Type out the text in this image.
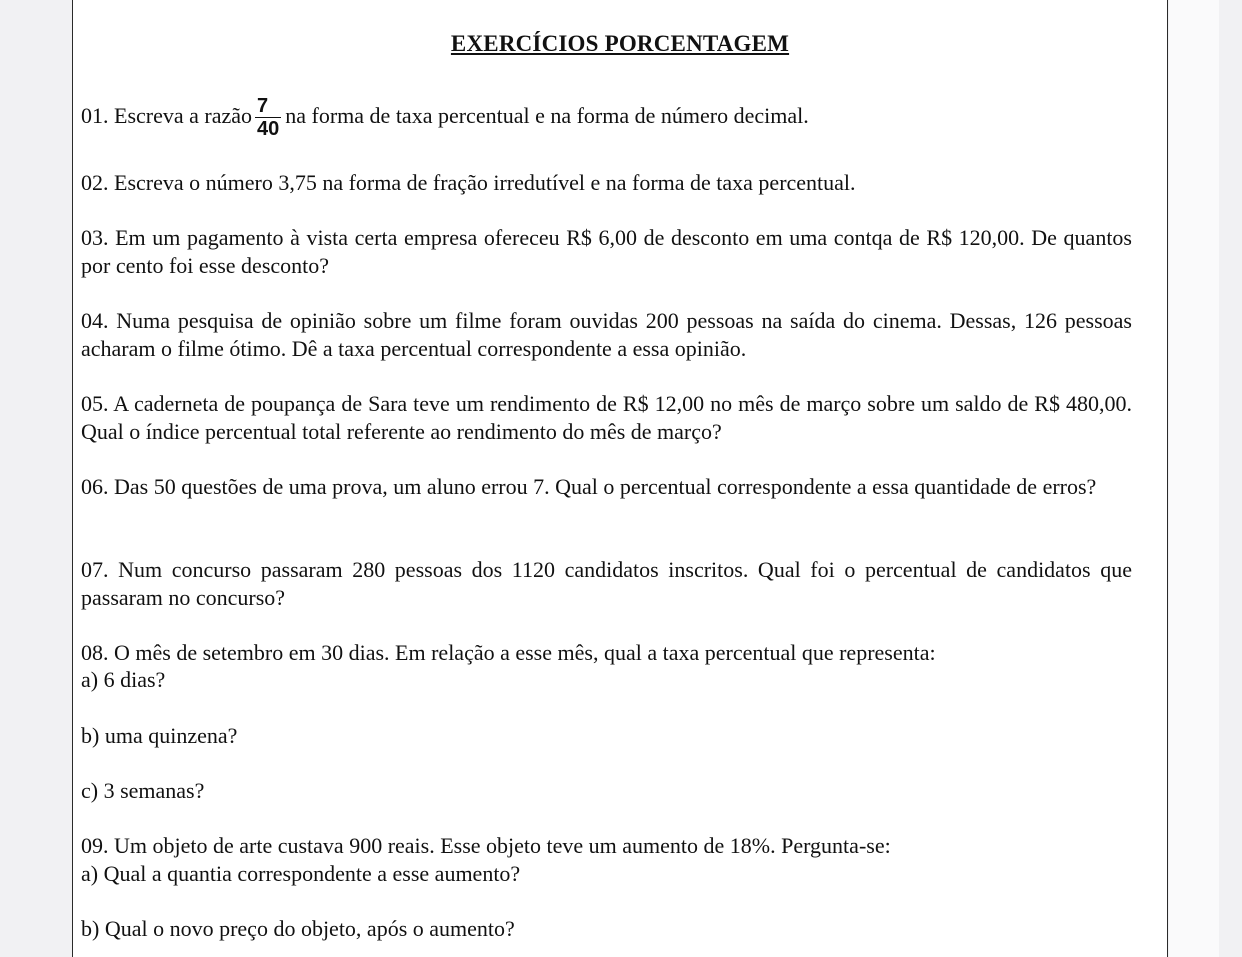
EXERCÍCIOS PORCENTAGEM
01. Escreva a razão $\frac{7}{40}$ na forma de taxa percentual e na forma de número decimal.
02. Escreva o número 3,75 na forma de fração irredutível e na forma de taxa percentual.
03. Em um pagamento à vista certa empresa ofereceu R$ 6,00 de desconto em uma contqa de R$ 120,00. De quantos por cento foi esse desconto?
04. Numa pesquisa de opinião sobre um filme foram ouvidas 200 pessoas na saída do cinema. Dessas, 126 pessoas acharam o filme ótimo. Dê a taxa percentual correspondente a essa opinião.
05. A caderneta de poupança de Sara teve um rendimento de R$ 12,00 no mês de março sobre um saldo de R$ 480,00. Qual o índice percentual total referente ao rendimento do mês de março?
06. Das 50 questões de uma prova, um aluno errou 7. Qual o percentual correspondente a essa quantidade de erros?
07. Num concurso passaram 280 pessoas dos 1120 candidatos inscritos. Qual foi o percentual de candidatos que passaram no concurso?
08. O mês de setembro em 30 dias. Em relação a esse mês, qual a taxa percentual que representa:
a) 6 dias?
b) uma quinzena?
c) 3 semanas?
09. Um objeto de arte custava 900 reais. Esse objeto teve um aumento de 18%. Pergunta-se:
a) Qual a quantia correspondente a esse aumento?
b) Qual o novo preço do objeto, após o aumento?
